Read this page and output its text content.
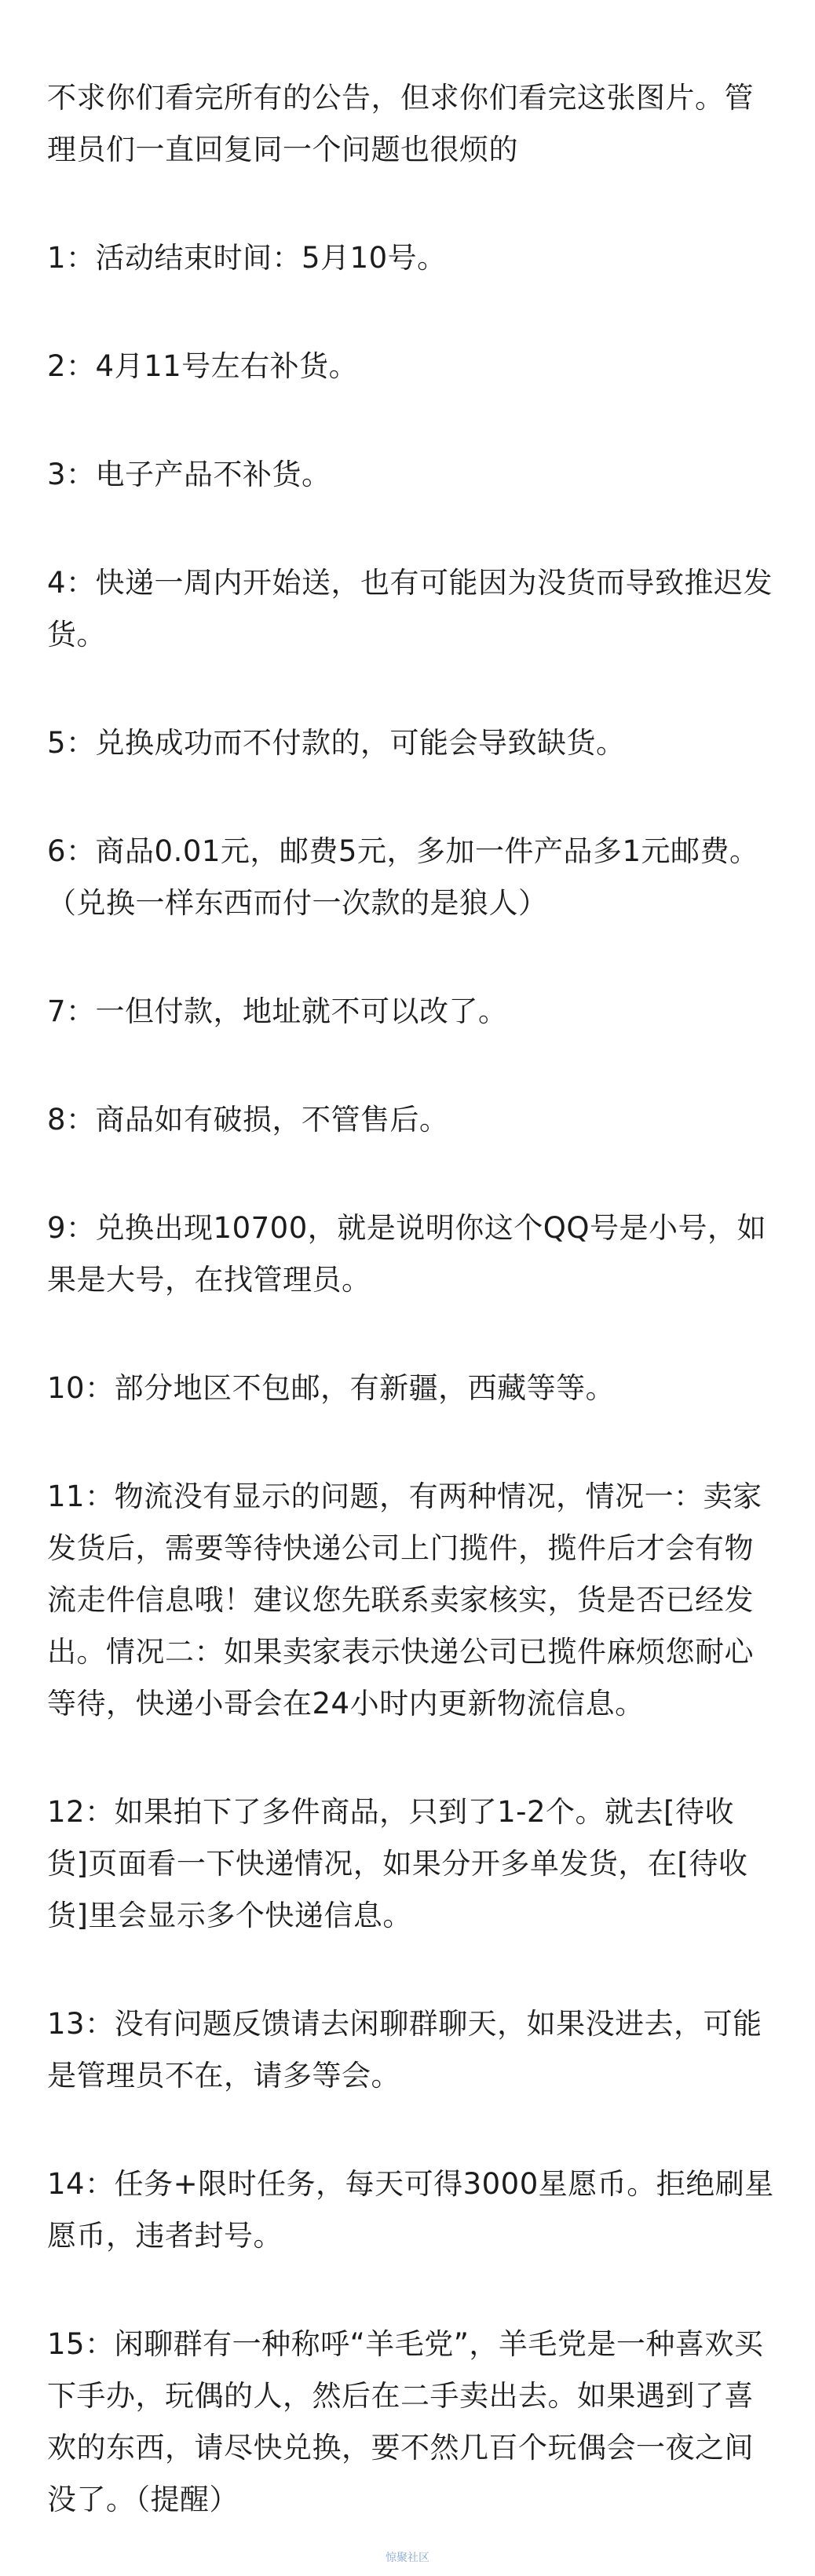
不求你们看完所有的公告，但求你们看完这张图片。管理员们一直回复同一个问题也很烦的

1：活动结束时间：5月10号。

2：4月11号左右补货。

3：电子产品不补货。

4：快递一周内开始送，也有可能因为没货而导致推迟发货。

5：兑换成功而不付款的，可能会导致缺货。

6：商品0.01元，邮费5元，多加一件产品多1元邮费。（兑换一样东西而付一次款的是狼人）

7：一但付款，地址就不可以改了。

8：商品如有破损，不管售后。

9：兑换出现10700，就是说明你这个QQ号是小号，如果是大号，在找管理员。

10：部分地区不包邮，有新疆，西藏等等。

11：物流没有显示的问题，有两种情况，情况一：卖家发货后，需要等待快递公司上门揽件，揽件后才会有物流走件信息哦！建议您先联系卖家核实，货是否已经发出。情况二：如果卖家表示快递公司已揽件麻烦您耐心等待，快递小哥会在24小时内更新物流信息。

12：如果拍下了多件商品，只到了1-2个。就去[待收货]页面看一下快递情况，如果分开多单发货，在[待收货]里会显示多个快递信息。

13：没有问题反馈请去闲聊群聊天，如果没进去，可能是管理员不在，请多等会。

14：任务+限时任务，每天可得3000星愿币。拒绝刷星愿币，违者封号。

15：闲聊群有一种称呼“羊毛党”，羊毛党是一种喜欢买下手办，玩偶的人，然后在二手卖出去。如果遇到了喜欢的东西，请尽快兑换，要不然几百个玩偶会一夜之间没了。（提醒）

惊聚社区
